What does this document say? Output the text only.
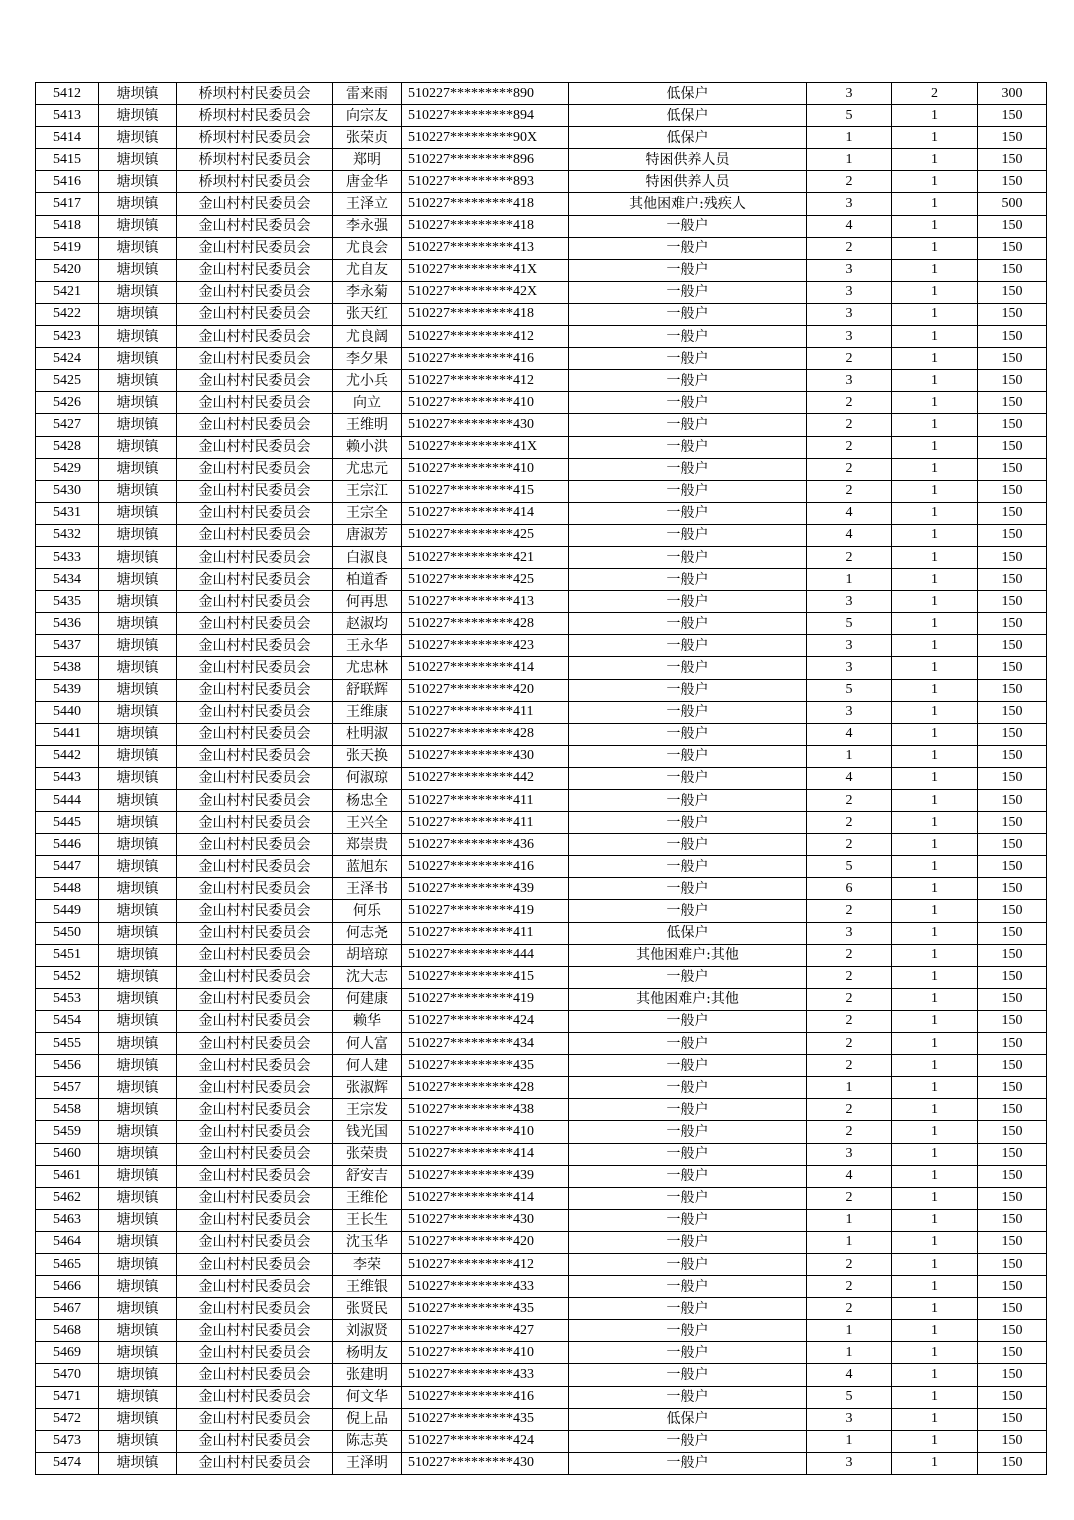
5412	塘坝镇	桥坝村村民委员会	雷来雨	510227*********890	低保户	3	2	300
5413	塘坝镇	桥坝村村民委员会	向宗友	510227*********894	低保户	5	1	150
5414	塘坝镇	桥坝村村民委员会	张荣贞	510227*********90X	低保户	1	1	150
5415	塘坝镇	桥坝村村民委员会	郑明	510227*********896	特困供养人员	1	1	150
5416	塘坝镇	桥坝村村民委员会	唐金华	510227*********893	特困供养人员	2	1	150
5417	塘坝镇	金山村村民委员会	王泽立	510227*********418	其他困难户:残疾人	3	1	500
5418	塘坝镇	金山村村民委员会	李永强	510227*********418	一般户	4	1	150
5419	塘坝镇	金山村村民委员会	尤良会	510227*********413	一般户	2	1	150
5420	塘坝镇	金山村村民委员会	尤自友	510227*********41X	一般户	3	1	150
5421	塘坝镇	金山村村民委员会	李永菊	510227*********42X	一般户	3	1	150
5422	塘坝镇	金山村村民委员会	张天红	510227*********418	一般户	3	1	150
5423	塘坝镇	金山村村民委员会	尤良阔	510227*********412	一般户	3	1	150
5424	塘坝镇	金山村村民委员会	李夕果	510227*********416	一般户	2	1	150
5425	塘坝镇	金山村村民委员会	尤小兵	510227*********412	一般户	3	1	150
5426	塘坝镇	金山村村民委员会	向立	510227*********410	一般户	2	1	150
5427	塘坝镇	金山村村民委员会	王维明	510227*********430	一般户	2	1	150
5428	塘坝镇	金山村村民委员会	赖小洪	510227*********41X	一般户	2	1	150
5429	塘坝镇	金山村村民委员会	尤忠元	510227*********410	一般户	2	1	150
5430	塘坝镇	金山村村民委员会	王宗江	510227*********415	一般户	2	1	150
5431	塘坝镇	金山村村民委员会	王宗全	510227*********414	一般户	4	1	150
5432	塘坝镇	金山村村民委员会	唐淑芳	510227*********425	一般户	4	1	150
5433	塘坝镇	金山村村民委员会	白淑良	510227*********421	一般户	2	1	150
5434	塘坝镇	金山村村民委员会	柏道香	510227*********425	一般户	1	1	150
5435	塘坝镇	金山村村民委员会	何再思	510227*********413	一般户	3	1	150
5436	塘坝镇	金山村村民委员会	赵淑均	510227*********428	一般户	5	1	150
5437	塘坝镇	金山村村民委员会	王永华	510227*********423	一般户	3	1	150
5438	塘坝镇	金山村村民委员会	尤忠林	510227*********414	一般户	3	1	150
5439	塘坝镇	金山村村民委员会	舒联辉	510227*********420	一般户	5	1	150
5440	塘坝镇	金山村村民委员会	王维康	510227*********411	一般户	3	1	150
5441	塘坝镇	金山村村民委员会	杜明淑	510227*********428	一般户	4	1	150
5442	塘坝镇	金山村村民委员会	张天换	510227*********430	一般户	1	1	150
5443	塘坝镇	金山村村民委员会	何淑琼	510227*********442	一般户	4	1	150
5444	塘坝镇	金山村村民委员会	杨忠全	510227*********411	一般户	2	1	150
5445	塘坝镇	金山村村民委员会	王兴全	510227*********411	一般户	2	1	150
5446	塘坝镇	金山村村民委员会	郑崇贵	510227*********436	一般户	2	1	150
5447	塘坝镇	金山村村民委员会	蓝旭东	510227*********416	一般户	5	1	150
5448	塘坝镇	金山村村民委员会	王泽书	510227*********439	一般户	6	1	150
5449	塘坝镇	金山村村民委员会	何乐	510227*********419	一般户	2	1	150
5450	塘坝镇	金山村村民委员会	何志尧	510227*********411	低保户	3	1	150
5451	塘坝镇	金山村村民委员会	胡培琼	510227*********444	其他困难户:其他	2	1	150
5452	塘坝镇	金山村村民委员会	沈大志	510227*********415	一般户	2	1	150
5453	塘坝镇	金山村村民委员会	何建康	510227*********419	其他困难户:其他	2	1	150
5454	塘坝镇	金山村村民委员会	赖华	510227*********424	一般户	2	1	150
5455	塘坝镇	金山村村民委员会	何人富	510227*********434	一般户	2	1	150
5456	塘坝镇	金山村村民委员会	何人建	510227*********435	一般户	2	1	150
5457	塘坝镇	金山村村民委员会	张淑辉	510227*********428	一般户	1	1	150
5458	塘坝镇	金山村村民委员会	王宗发	510227*********438	一般户	2	1	150
5459	塘坝镇	金山村村民委员会	钱光国	510227*********410	一般户	2	1	150
5460	塘坝镇	金山村村民委员会	张荣贵	510227*********414	一般户	3	1	150
5461	塘坝镇	金山村村民委员会	舒安吉	510227*********439	一般户	4	1	150
5462	塘坝镇	金山村村民委员会	王维伦	510227*********414	一般户	2	1	150
5463	塘坝镇	金山村村民委员会	王长生	510227*********430	一般户	1	1	150
5464	塘坝镇	金山村村民委员会	沈玉华	510227*********420	一般户	1	1	150
5465	塘坝镇	金山村村民委员会	李荣	510227*********412	一般户	2	1	150
5466	塘坝镇	金山村村民委员会	王维银	510227*********433	一般户	2	1	150
5467	塘坝镇	金山村村民委员会	张贤民	510227*********435	一般户	2	1	150
5468	塘坝镇	金山村村民委员会	刘淑贤	510227*********427	一般户	1	1	150
5469	塘坝镇	金山村村民委员会	杨明友	510227*********410	一般户	1	1	150
5470	塘坝镇	金山村村民委员会	张建明	510227*********433	一般户	4	1	150
5471	塘坝镇	金山村村民委员会	何文华	510227*********416	一般户	5	1	150
5472	塘坝镇	金山村村民委员会	倪上品	510227*********435	低保户	3	1	150
5473	塘坝镇	金山村村民委员会	陈志英	510227*********424	一般户	1	1	150
5474	塘坝镇	金山村村民委员会	王泽明	510227*********430	一般户	3	1	150
